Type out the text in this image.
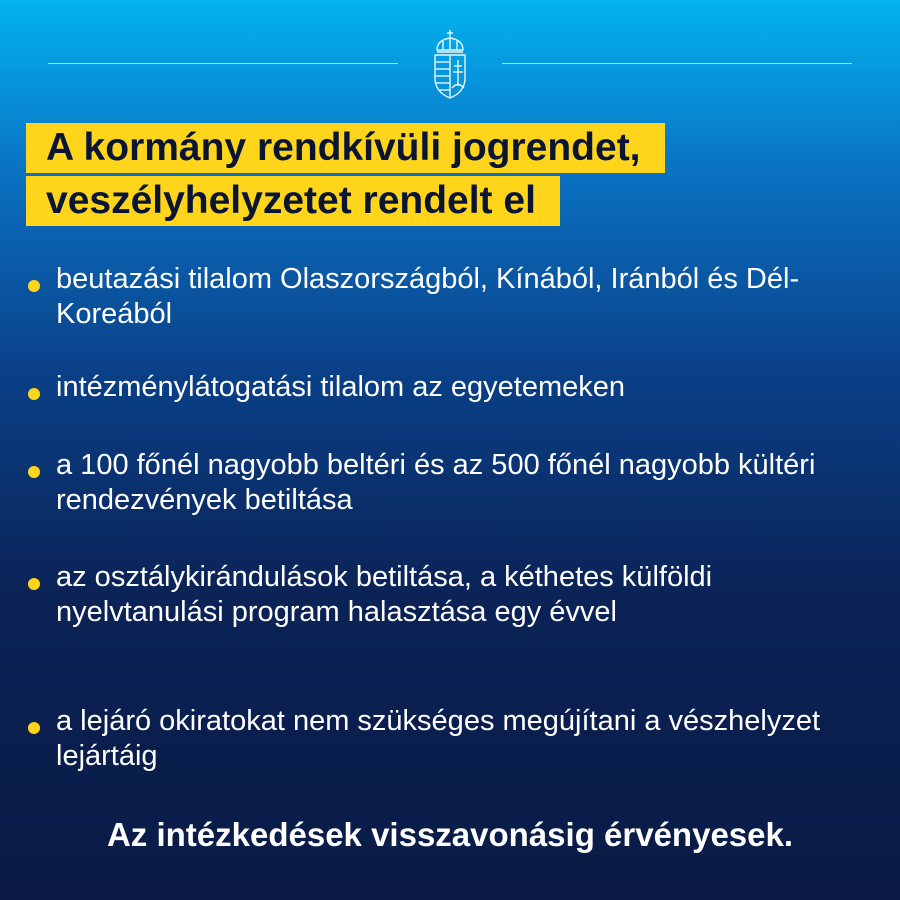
A kormány rendkívüli jogrendet,
veszélyhelyzetet rendelt el
beutazási tilalom Olaszországból, Kínából, Iránból és Dél-Koreából
intézménylátogatási tilalom az egyetemeken
a 100 főnél nagyobb beltéri és az 500 főnél nagyobb kültéri rendezvények betiltása
az osztálykirándulások betiltása, a kéthetes külföldi nyelvtanulási program halasztása egy évvel
a lejáró okiratokat nem szükséges megújítani a vészhelyzet lejártáig
Az intézkedések visszavonásig érvényesek.
